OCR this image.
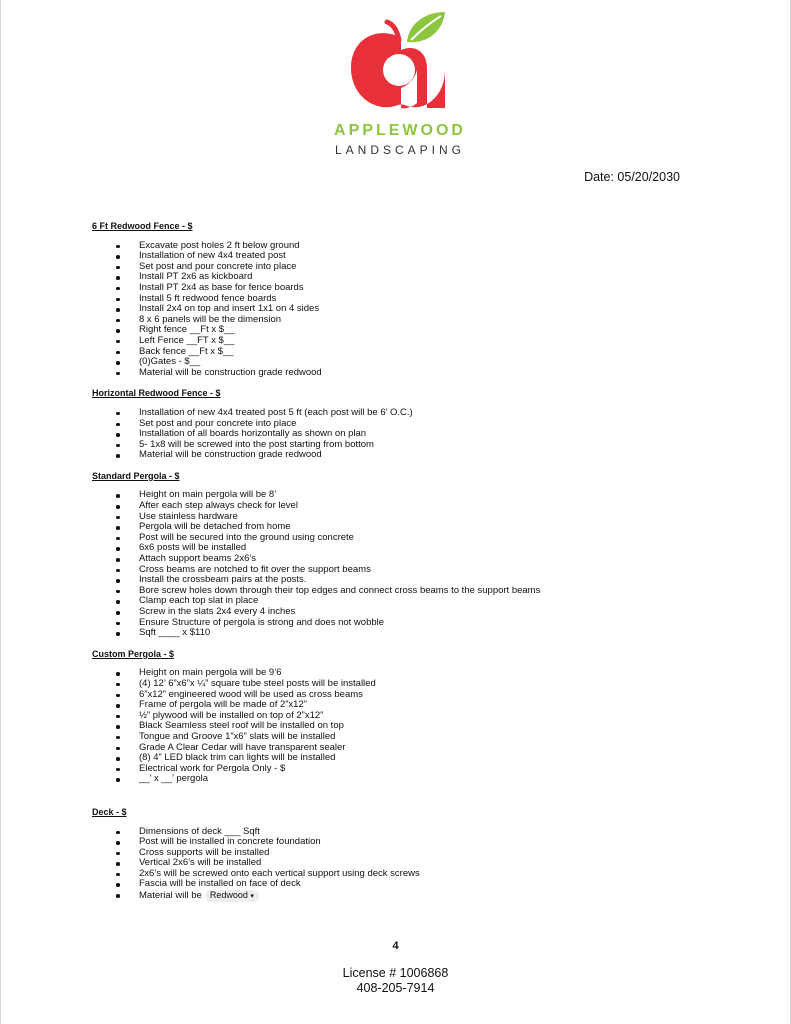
APPLEWOOD
LANDSCAPING
Date: 05/20/2030
6 Ft Redwood Fence - $
Excavate post holes 2 ft below ground
Installation of new 4x4 treated post
Set post and pour concrete into place
Install PT 2x6 as kickboard
Install PT 2x4 as base for fence boards
Install 5 ft redwood fence boards
Install 2x4 on top and insert 1x1 on 4 sides
8 x 6 panels will be the dimension
Right fence __Ft x $__
Left Fence __FT x $__
Back fence __Ft x $__
(0)Gates - $__
Material will be construction grade redwood
Horizontal Redwood Fence - $
Installation of new 4x4 treated post 5 ft (each post will be 6’ O.C.)
Set post and pour concrete into place
Installation of all boards horizontally as shown on plan
5- 1x8 will be screwed into the post starting from bottom
Material will be construction grade redwood
Standard Pergola - $
Height on main pergola will be 8’
After each step always check for level
Use stainless hardware
Pergola will be detached from home
Post will be secured into the ground using concrete
6x6 posts will be installed
Attach support beams 2x6’s
Cross beams are notched to fit over the support beams
Install the crossbeam pairs at the posts.
Bore screw holes down through their top edges and connect cross beams to the support beams
Clamp each top slat in place
Screw in the slats 2x4 every 4 inches
Ensure Structure of pergola is strong and does not wobble
Sqft ____ x $110
Custom Pergola - $
Height on main pergola will be 9’6
(4) 12’ 6”x6”x ¼” square tube steel posts will be installed
6”x12” engineered wood will be used as cross beams
Frame of pergola will be made of 2”x12”
½” plywood will be installed on top of 2”x12”
Black Seamless steel roof will be installed on top
Tongue and Groove 1”x6” slats will be installed
Grade A Clear Cedar will have transparent sealer
(8) 4” LED black trim can lights will be installed
Electrical work for Pergola Only - $
__’ x __’ pergola
Deck - $
Dimensions of deck ___ Sqft
Post will be installed in concrete foundation
Cross supports will be installed
Vertical 2x6’s will be installed
2x6’s will be screwed onto each vertical support using deck screws
Fascia will be installed on face of deck
Material will be Redwood ▾
4
License # 1006868
408-205-7914
